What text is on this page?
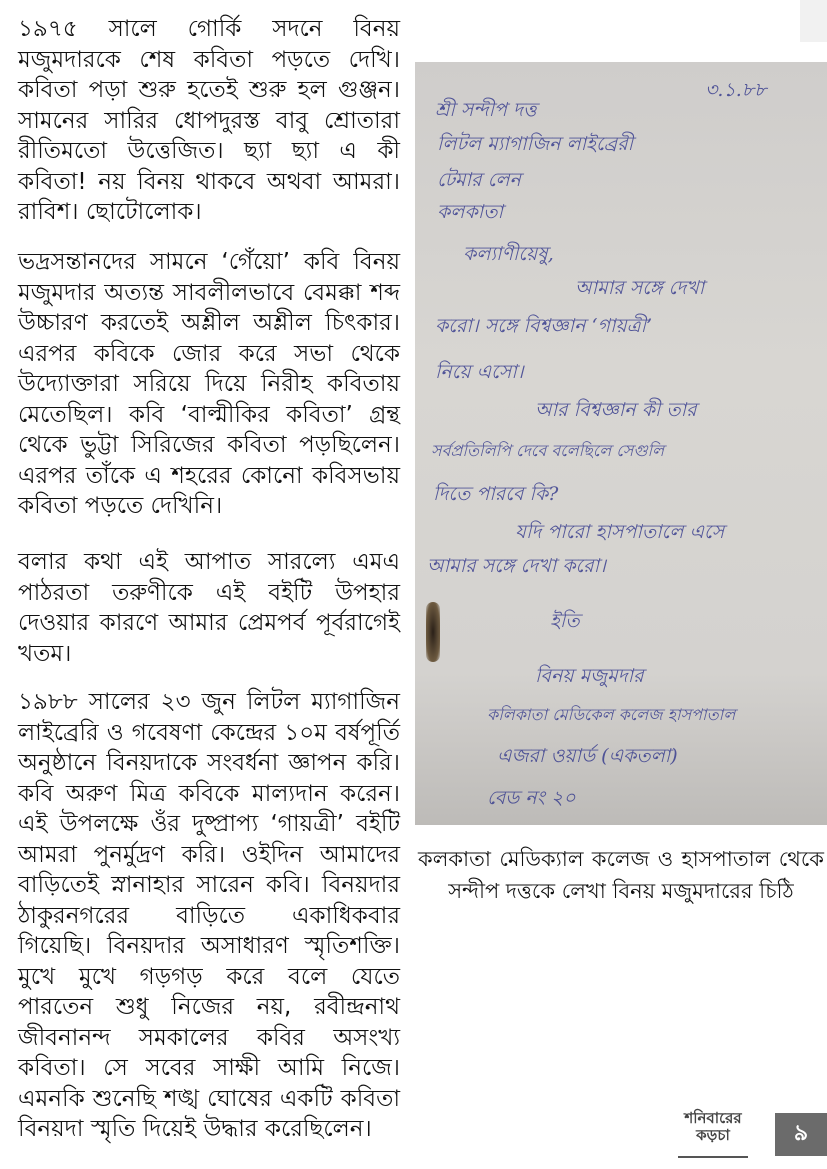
১৯৭৫ সালে গোর্কি সদনে বিনয় মজুমদারকে শেষ কবিতা পড়তে দেখি। কবিতা পড়া শুরু হতেই শুরু হল গুঞ্জন। সামনের সারির ধোপদুরস্ত বাবু শ্রোতারা রীতিমতো উত্তেজিত। ছ্যা ছ্যা এ কী কবিতা! নয় বিনয় থাকবে অথবা আমরা। রাবিশ। ছোটোলোক।

ভদ্রসন্তানদের সামনে ‘গেঁয়ো’ কবি বিনয় মজুমদার অত্যন্ত সাবলীলভাবে বেমক্কা শব্দ উচ্চারণ করতেই অশ্লীল অশ্লীল চিৎকার। এরপর কবিকে জোর করে সভা থেকে উদ্যোক্তারা সরিয়ে দিয়ে নিরীহ কবিতায় মেতেছিল। কবি ‘বাল্মীকির কবিতা’ গ্রন্থ থেকে ভুট্টা সিরিজের কবিতা পড়ছিলেন। এরপর তাঁকে এ শহরের কোনো কবিসভায় কবিতা পড়তে দেখিনি।

বলার কথা এই আপাত সারল্যে এমএ পাঠরতা তরুণীকে এই বইটি উপহার দেওয়ার কারণে আমার প্রেমপর্ব পূর্বরাগেই খতম।

১৯৮৮ সালের ২৩ জুন লিটল ম্যাগাজিন লাইব্রেরি ও গবেষণা কেন্দ্রের ১০ম বর্ষপূর্তি অনুষ্ঠানে বিনয়দাকে সংবর্ধনা জ্ঞাপন করি। কবি অরুণ মিত্র কবিকে মাল্যদান করেন। এই উপলক্ষে ওঁর দুষ্প্রাপ্য ‘গায়ত্রী’ বইটি আমরা পুনর্মুদ্রণ করি। ওইদিন আমাদের বাড়িতেই স্নানাহার সারেন কবি। বিনয়দার ঠাকুরনগরের বাড়িতে একাধিকবার গিয়েছি। বিনয়দার অসাধারণ স্মৃতিশক্তি। মুখে মুখে গড়গড় করে বলে যেতে পারতেন শুধু নিজের নয়, রবীন্দ্রনাথ জীবনানন্দ সমকালের কবির অসংখ্য কবিতা। সে সবের সাক্ষী আমি নিজে। এমনকি শুনেছি শঙ্খ ঘোষের একটি কবিতা বিনয়দা স্মৃতি দিয়েই উদ্ধার করেছিলেন।

৩.১.৮৮
শ্রী সন্দীপ দত্ত
লিটল ম্যাগাজিন লাইব্রেরী
টেমার লেন
কলকাতা
কল্যাণীয়েষু,
আমার সঙ্গে দেখা
করো। সঙ্গে বিশ্বজ্ঞান ‘গায়ত্রী’
নিয়ে এসো।
আর বিশ্বজ্ঞান কী তার
সর্বপ্রতিলিপি দেবে বলেছিলে সেগুলি
দিতে পারবে কি?
যদি পারো হাসপাতালে এসে
আমার সঙ্গে দেখা করো।
ইতি
বিনয় মজুমদার
কলিকাতা মেডিকেল কলেজ হাসপাতাল
এজরা ওয়ার্ড (একতলা)
বেড নং ২০

কলকাতা মেডিক্যাল কলেজ ও হাসপাতাল থেকে সন্দীপ দত্তকে লেখা বিনয় মজুমদারের চিঠি

শনিবারের
কড়চা	৯
